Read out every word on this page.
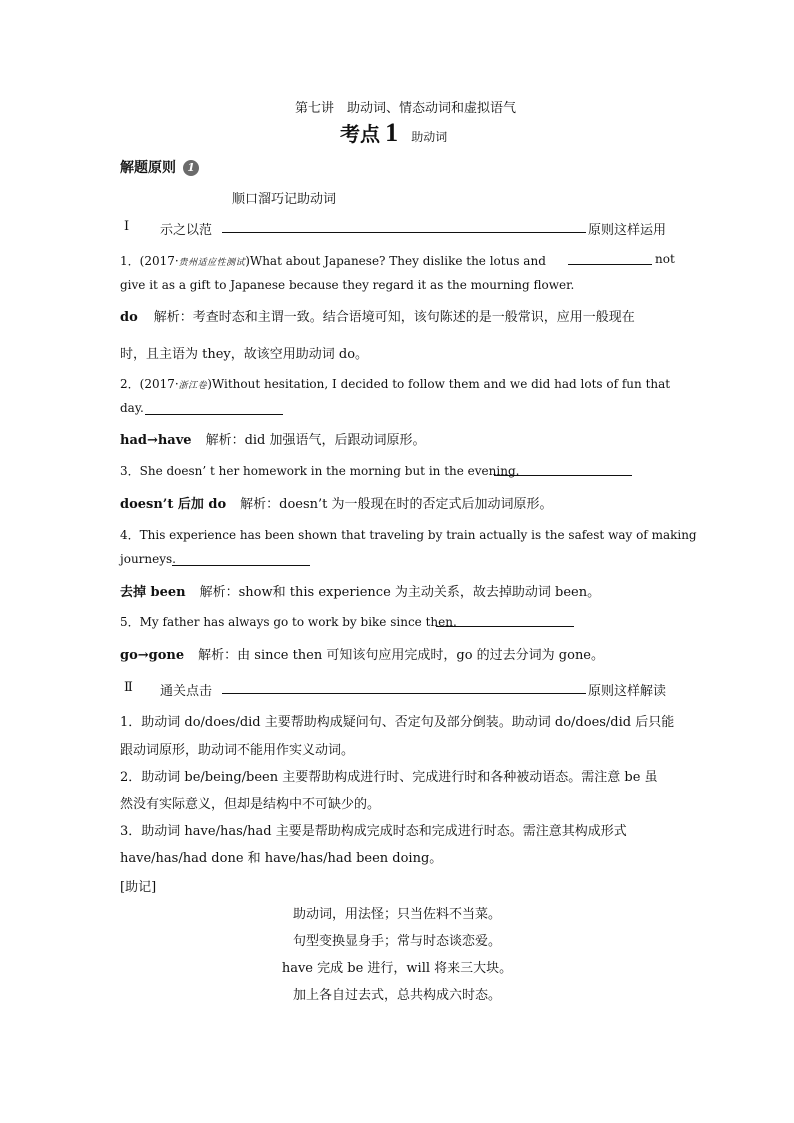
第七讲　助动词、情态动词和虚拟语气
考点 1 助动词
解题原则 1
顺口溜巧记助动词
Ⅰ 示之以范	原则这样运用
1．(2017·贵州适应性测试)What about Japanese? They dislike the lotus and	not
give it as a gift to Japanese because they regard it as the mourning flower.
do 解析：考查时态和主谓一致。结合语境可知，该句陈述的是一般常识，应用一般现在
时，且主语为 they，故该空用助动词 do。
2．(2017·浙江卷)Without hesitation, I decided to follow them and we did had lots of fun that
day.
had→have 解析：did 加强语气，后跟动词原形。
3．She doesn’ t her homework in the morning but in the evening.
doesn’t 后加 do 解析：doesn’t 为一般现在时的否定式后加动词原形。
4．This experience has been shown that traveling by train actually is the safest way of making
journeys.
去掉 been 解析：show和 this experience 为主动关系，故去掉助动词 been。
5．My father has always go to work by bike since then.
go→gone 解析：由 since then 可知该句应用完成时，go 的过去分词为 gone。
Ⅱ 通关点击	原则这样解读
1．助动词 do/does/did 主要帮助构成疑问句、否定句及部分倒装。助动词 do/does/did 后只能
跟动词原形，助动词不能用作实义动词。
2．助动词 be/being/been 主要帮助构成进行时、完成进行时和各种被动语态。需注意 be 虽
然没有实际意义，但却是结构中不可缺少的。
3．助动词 have/has/had 主要是帮助构成完成时态和完成进行时态。需注意其构成形式
have/has/had done 和 have/has/had been doing。
[助记]
助动词，用法怪；只当佐料不当菜。
句型变换显身手；常与时态谈恋爱。
have 完成 be 进行，will 将来三大块。
加上各自过去式，总共构成六时态。
